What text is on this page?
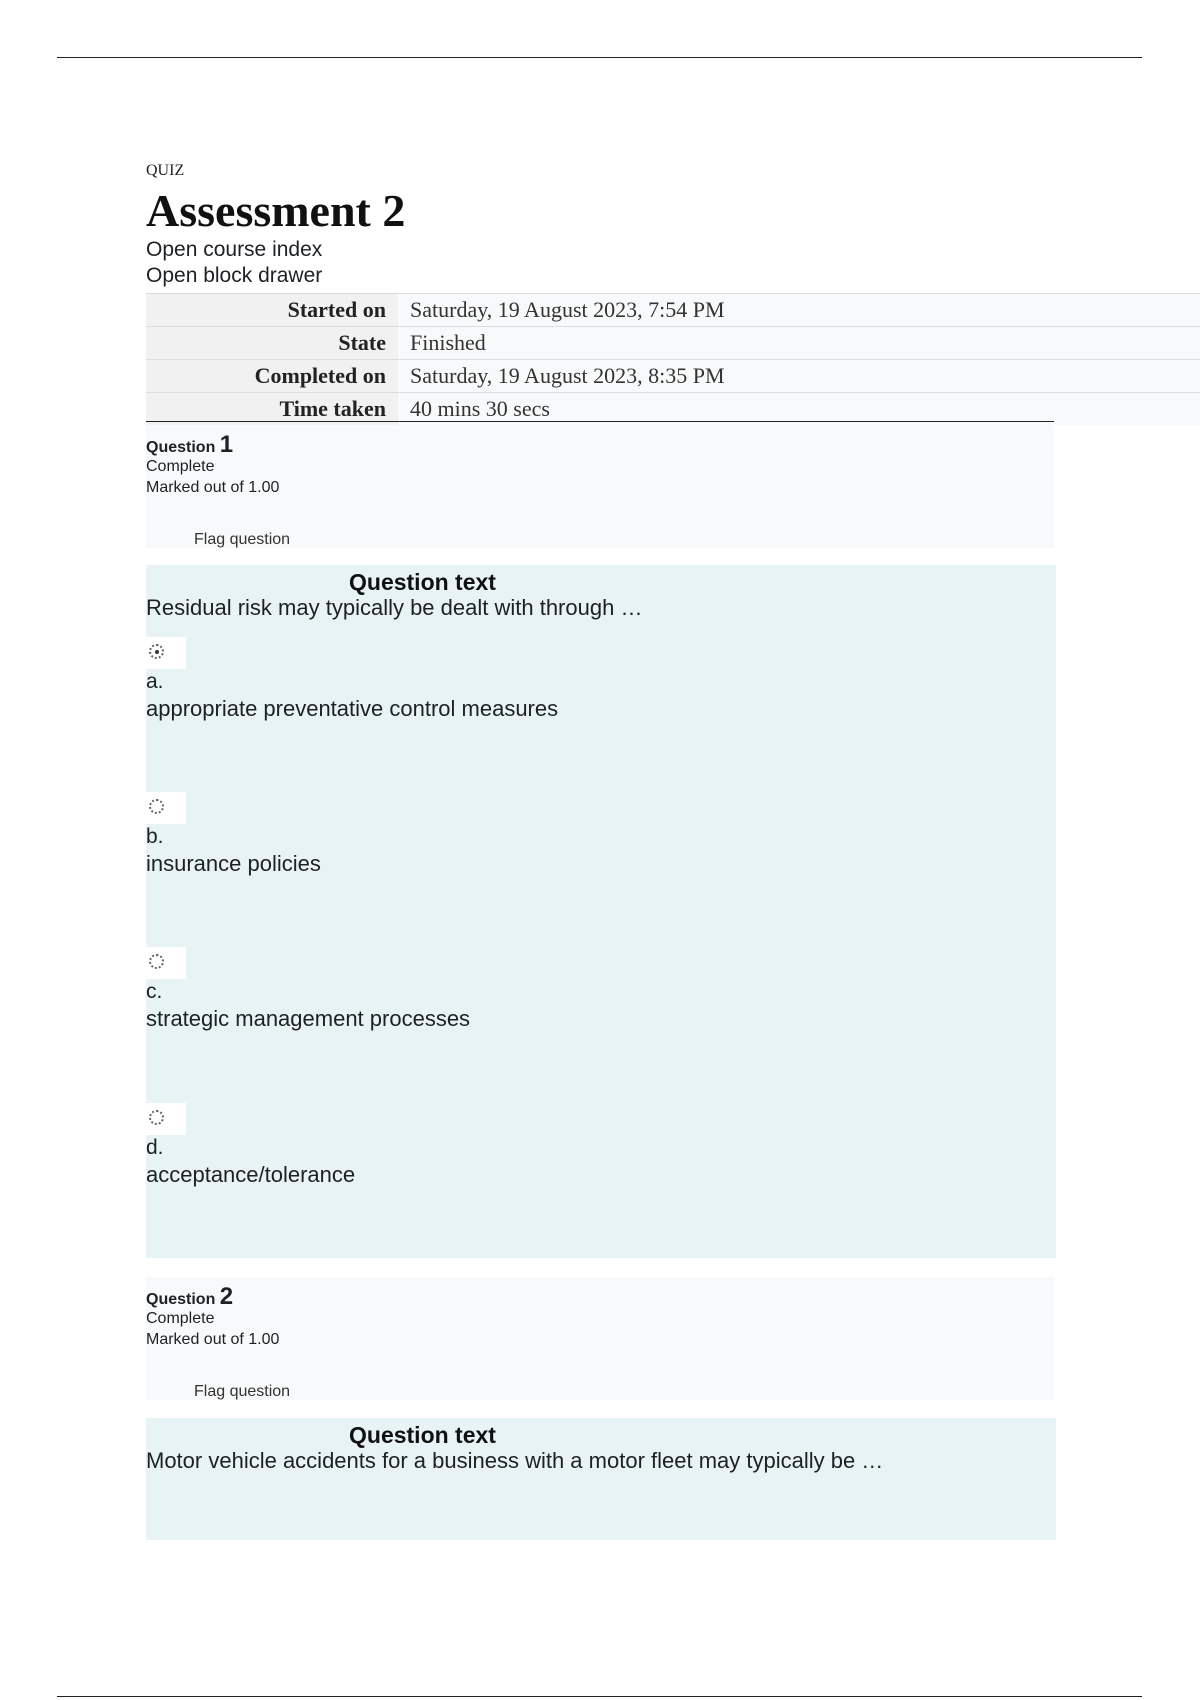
QUIZ
Assessment 2
Open course index
Open block drawer
Started on	Saturday, 19 August 2023, 7:54 PM
State	Finished
Completed on	Saturday, 19 August 2023, 8:35 PM
Time taken	40 mins 30 secs
Question 1
Complete
Marked out of 1.00
Flag question
Question text
Residual risk may typically be dealt with through …
a.
appropriate preventative control measures
b.
insurance policies
c.
strategic management processes
d.
acceptance/tolerance
Question 2
Complete
Marked out of 1.00
Flag question
Question text
Motor vehicle accidents for a business with a motor fleet may typically be …
